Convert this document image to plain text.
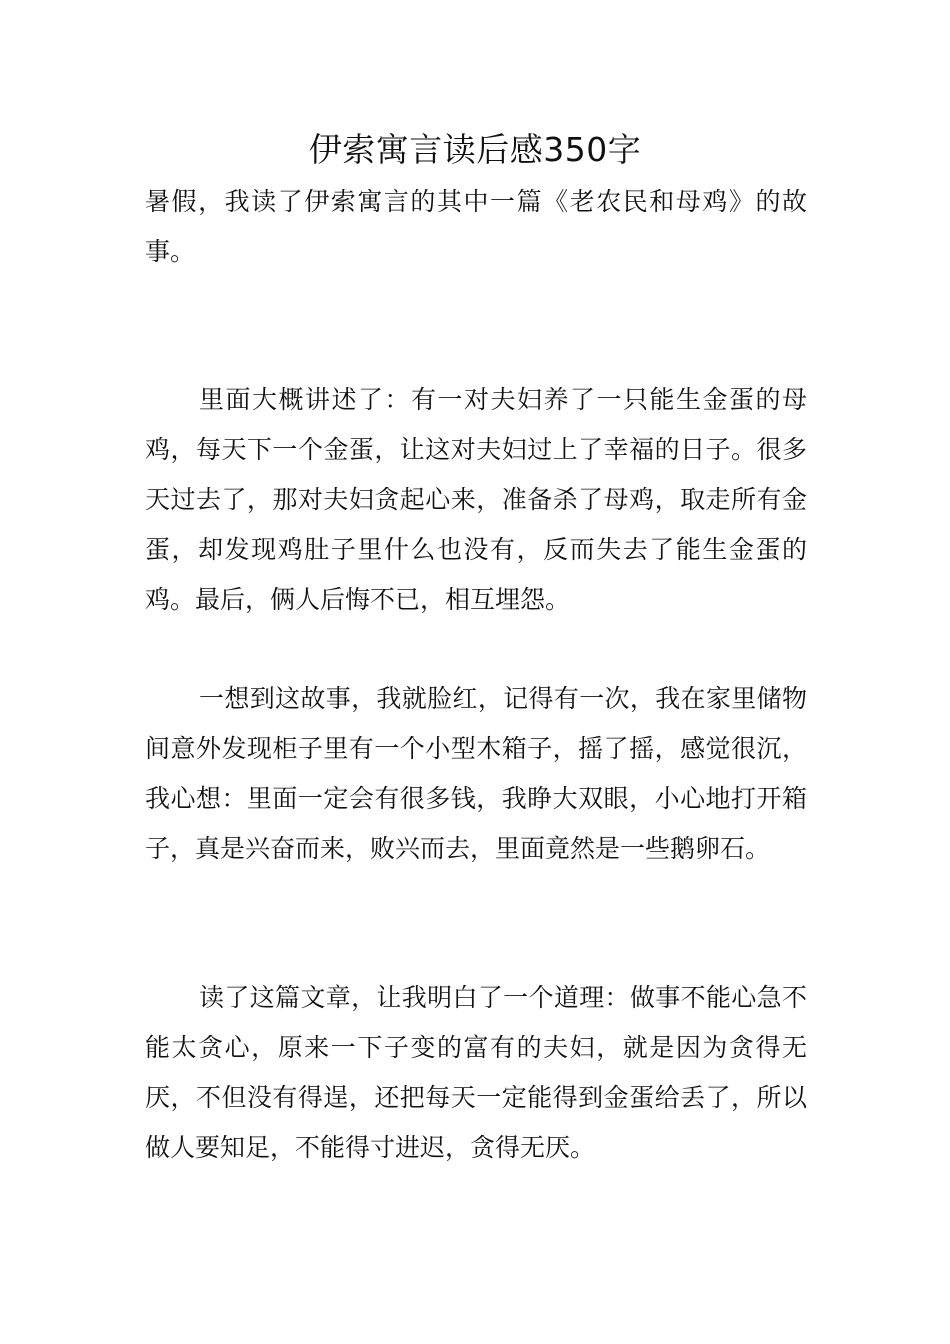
伊索寓言读后感350字

暑假，我读了伊索寓言的其中一篇《老农民和母鸡》的故事。

里面大概讲述了：有一对夫妇养了一只能生金蛋的母鸡，每天下一个金蛋，让这对夫妇过上了幸福的日子。很多天过去了，那对夫妇贪起心来，准备杀了母鸡，取走所有金蛋，却发现鸡肚子里什么也没有，反而失去了能生金蛋的鸡。最后，俩人后悔不已，相互埋怨。

一想到这故事，我就脸红，记得有一次，我在家里储物间意外发现柜子里有一个小型木箱子，摇了摇，感觉很沉，我心想：里面一定会有很多钱，我睁大双眼，小心地打开箱子，真是兴奋而来，败兴而去，里面竟然是一些鹅卵石。

读了这篇文章，让我明白了一个道理：做事不能心急不能太贪心，原来一下子变的富有的夫妇，就是因为贪得无厌，不但没有得逞，还把每天一定能得到金蛋给丢了，所以做人要知足，不能得寸进迟，贪得无厌。
